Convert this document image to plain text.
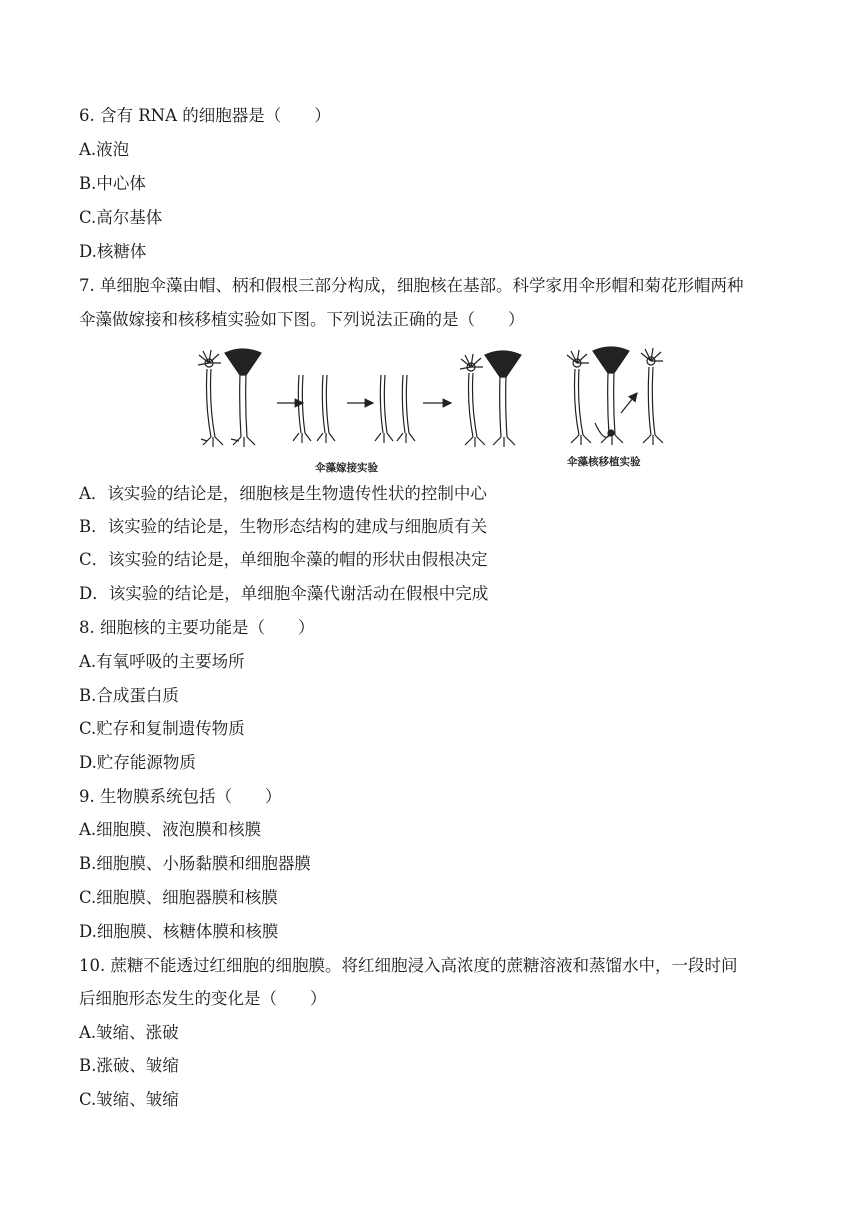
6. 含有 RNA 的细胞器是（　　）
A.液泡
B.中心体
C.高尔基体
D.核糖体
7. 单细胞伞藻由帽、柄和假根三部分构成，细胞核在基部。科学家用伞形帽和菊花形帽两种
伞藻做嫁接和核移植实验如下图。下列说法正确的是（　　）
伞藻嫁接实验	伞藻核移植实验
A．该实验的结论是，细胞核是生物遗传性状的控制中心
B．该实验的结论是，生物形态结构的建成与细胞质有关
C．该实验的结论是，单细胞伞藻的帽的形状由假根决定
D．该实验的结论是，单细胞伞藻代谢活动在假根中完成
8. 细胞核的主要功能是（　　）
A.有氧呼吸的主要场所
B.合成蛋白质
C.贮存和复制遗传物质
D.贮存能源物质
9. 生物膜系统包括（　　）
A.细胞膜、液泡膜和核膜
B.细胞膜、小肠黏膜和细胞器膜
C.细胞膜、细胞器膜和核膜
D.细胞膜、核糖体膜和核膜
10. 蔗糖不能透过红细胞的细胞膜。将红细胞浸入高浓度的蔗糖溶液和蒸馏水中，一段时间
后细胞形态发生的变化是（　　）
A.皱缩、涨破
B.涨破、皱缩
C.皱缩、皱缩
